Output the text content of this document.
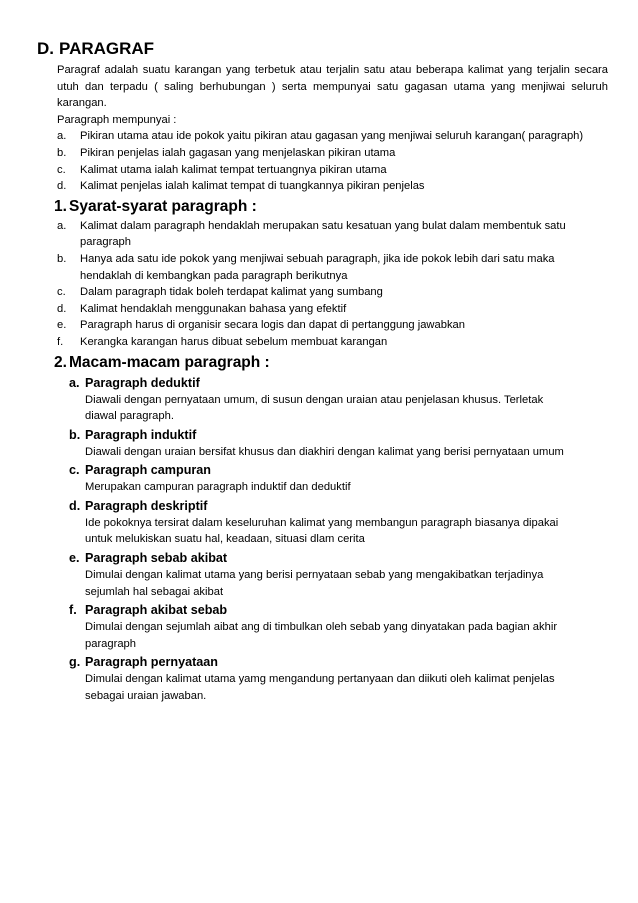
D. PARAGRAF
Paragraf adalah suatu karangan yang terbetuk atau terjalin satu atau beberapa kalimat yang terjalin secara utuh dan terpadu ( saling berhubungan ) serta mempunyai satu gagasan utama yang menjiwai seluruh karangan.
Paragraph mempunyai :
a.	Pikiran utama atau ide pokok yaitu pikiran atau gagasan yang menjiwai seluruh karangan( paragraph)
b.	Pikiran penjelas ialah gagasan yang menjelaskan pikiran utama
c.	Kalimat utama ialah kalimat tempat tertuangnya pikiran utama
d.	Kalimat penjelas ialah kalimat tempat di tuangkannya pikiran penjelas
1. Syarat-syarat paragraph :
a.	Kalimat dalam paragraph hendaklah merupakan satu kesatuan yang bulat dalam membentuk satu paragraph
b.	Hanya ada satu ide pokok yang menjiwai sebuah paragraph, jika ide pokok lebih dari satu maka hendaklah di kembangkan pada paragraph berikutnya
c.	Dalam paragraph tidak boleh terdapat kalimat yang sumbang
d.	Kalimat hendaklah menggunakan bahasa yang efektif
e.	Paragraph harus di organisir secara logis dan dapat di pertanggung jawabkan
f.	Kerangka karangan harus dibuat sebelum membuat karangan
2. Macam-macam paragraph :
a. Paragraph deduktif
Diawali dengan pernyataan umum, di susun dengan uraian atau penjelasan khusus. Terletak diawal paragraph.
b. Paragraph induktif
Diawali dengan uraian bersifat khusus dan diakhiri dengan kalimat yang berisi pernyataan umum
c. Paragraph campuran
Merupakan campuran paragraph induktif dan deduktif
d. Paragraph deskriptif
Ide pokoknya tersirat dalam keseluruhan kalimat yang membangun paragraph biasanya dipakai untuk melukiskan suatu hal, keadaan, situasi dlam cerita
e. Paragraph sebab akibat
Dimulai dengan kalimat utama yang berisi pernyataan sebab yang mengakibatkan terjadinya sejumlah hal sebagai akibat
f. Paragraph akibat sebab
Dimulai dengan sejumlah aibat ang di timbulkan oleh sebab yang dinyatakan pada bagian akhir paragraph
g. Paragraph pernyataan
Dimulai dengan kalimat utama yamg mengandung pertanyaan dan diikuti oleh kalimat penjelas sebagai uraian jawaban.
